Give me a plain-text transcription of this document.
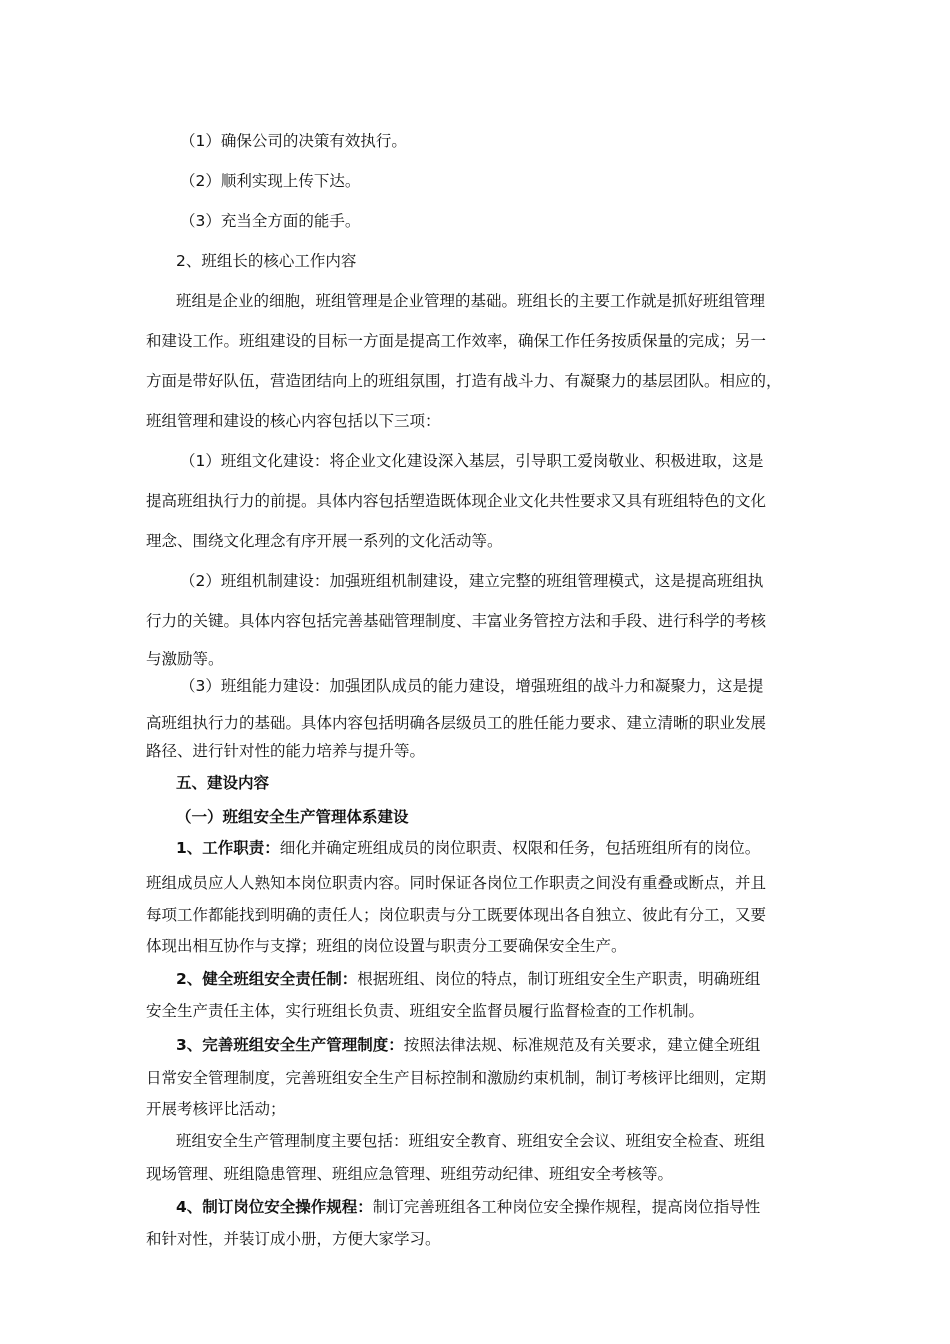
（1）确保公司的决策有效执行。
（2）顺利实现上传下达。
（3）充当全方面的能手。
2、班组长的核心工作内容
班组是企业的细胞，班组管理是企业管理的基础。班组长的主要工作就是抓好班组管理
和建设工作。班组建设的目标一方面是提高工作效率，确保工作任务按质保量的完成；另一
方面是带好队伍，营造团结向上的班组氛围，打造有战斗力、有凝聚力的基层团队。相应的，
班组管理和建设的核心内容包括以下三项：
（1）班组文化建设：将企业文化建设深入基层，引导职工爱岗敬业、积极进取，这是
提高班组执行力的前提。具体内容包括塑造既体现企业文化共性要求又具有班组特色的文化
理念、围绕文化理念有序开展一系列的文化活动等。
（2）班组机制建设：加强班组机制建设，建立完整的班组管理模式，这是提高班组执
行力的关键。具体内容包括完善基础管理制度、丰富业务管控方法和手段、进行科学的考核
与激励等。
（3）班组能力建设：加强团队成员的能力建设，增强班组的战斗力和凝聚力，这是提
高班组执行力的基础。具体内容包括明确各层级员工的胜任能力要求、建立清晰的职业发展
路径、进行针对性的能力培养与提升等。
五、建设内容
（一）班组安全生产管理体系建设
1、工作职责：细化并确定班组成员的岗位职责、权限和任务，包括班组所有的岗位。
班组成员应人人熟知本岗位职责内容。同时保证各岗位工作职责之间没有重叠或断点，并且
每项工作都能找到明确的责任人；岗位职责与分工既要体现出各自独立、彼此有分工，又要
体现出相互协作与支撑；班组的岗位设置与职责分工要确保安全生产。
2、健全班组安全责任制：根据班组、岗位的特点，制订班组安全生产职责，明确班组
安全生产责任主体，实行班组长负责、班组安全监督员履行监督检查的工作机制。
3、完善班组安全生产管理制度：按照法律法规、标准规范及有关要求，建立健全班组
日常安全管理制度，完善班组安全生产目标控制和激励约束机制，制订考核评比细则，定期
开展考核评比活动；
班组安全生产管理制度主要包括：班组安全教育、班组安全会议、班组安全检查、班组
现场管理、班组隐患管理、班组应急管理、班组劳动纪律、班组安全考核等。
4、制订岗位安全操作规程：制订完善班组各工种岗位安全操作规程，提高岗位指导性
和针对性，并装订成小册，方便大家学习。
